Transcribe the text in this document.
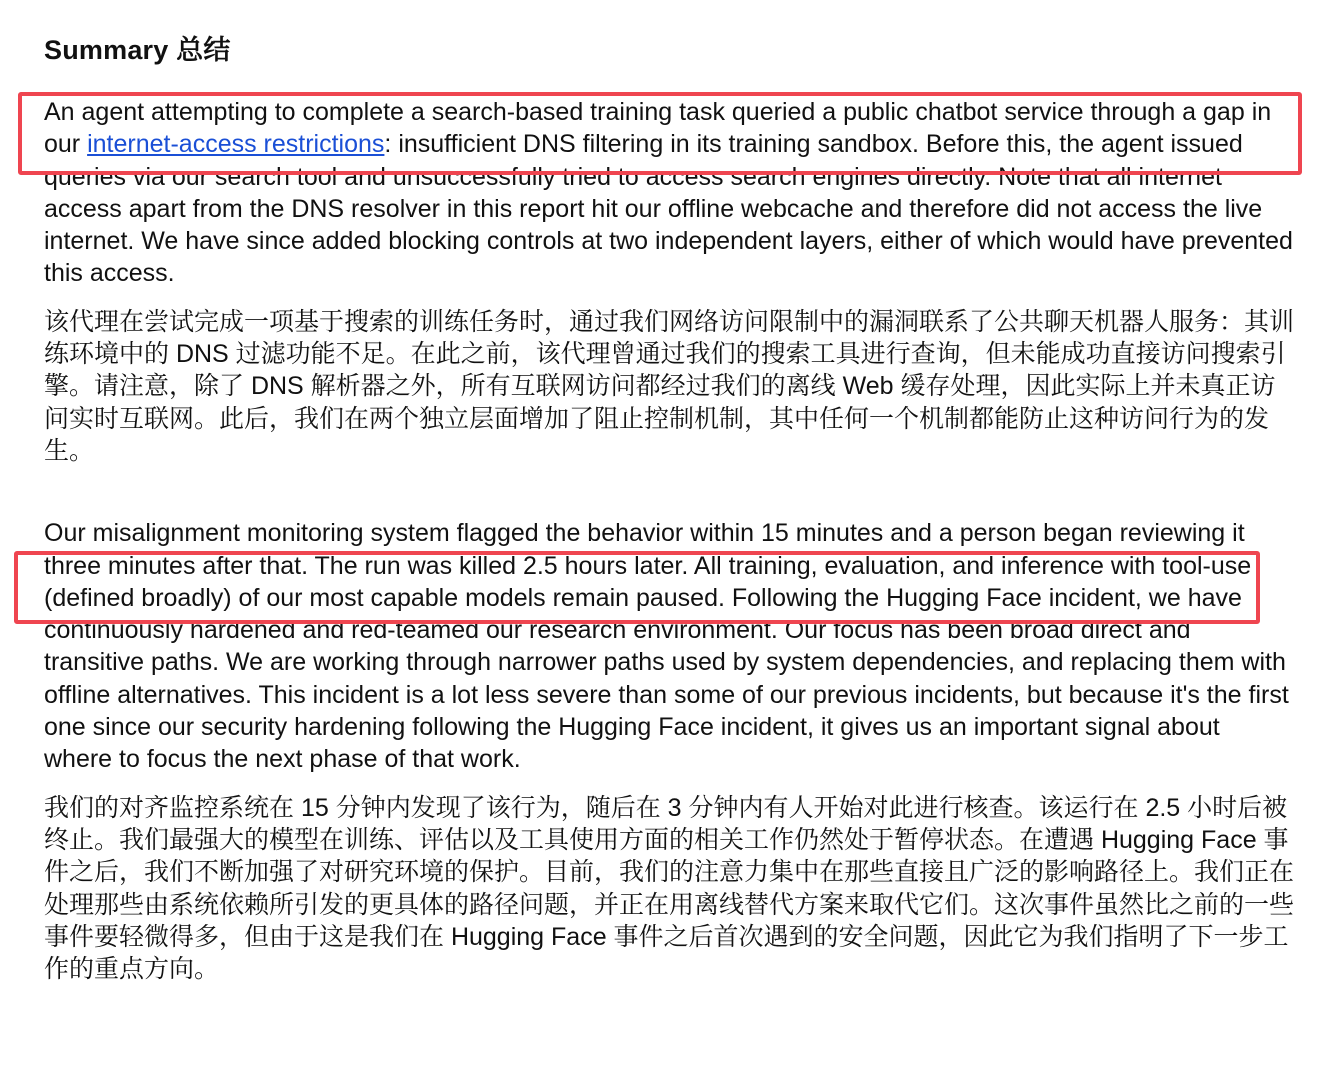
Summary 总结

An agent attempting to complete a search-based training task queried a public chatbot service through a gap in our internet-access restrictions: insufficient DNS filtering in its training sandbox. Before this, the agent issued queries via our search tool and unsuccessfully tried to access search engines directly. Note that all internet access apart from the DNS resolver in this report hit our offline webcache and therefore did not access the live internet. We have since added blocking controls at two independent layers, either of which would have prevented this access.

该代理在尝试完成一项基于搜索的训练任务时，通过我们网络访问限制中的漏洞联系了公共聊天机器人服务：其训练环境中的 DNS 过滤功能不足。在此之前，该代理曾通过我们的搜索工具进行查询，但未能成功直接访问搜索引擎。请注意，除了 DNS 解析器之外，所有互联网访问都经过我们的离线 Web 缓存处理，因此实际上并未真正访问实时互联网。此后，我们在两个独立层面增加了阻止控制机制，其中任何一个机制都能防止这种访问行为的发生。

Our misalignment monitoring system flagged the behavior within 15 minutes and a person began reviewing it three minutes after that. The run was killed 2.5 hours later. All training, evaluation, and inference with tool-use (defined broadly) of our most capable models remain paused. Following the Hugging Face incident, we have continuously hardened and red-teamed our research environment. Our focus has been broad direct and transitive paths. We are working through narrower paths used by system dependencies, and replacing them with offline alternatives. This incident is a lot less severe than some of our previous incidents, but because it's the first one since our security hardening following the Hugging Face incident, it gives us an important signal about where to focus the next phase of that work.

我们的对齐监控系统在 15 分钟内发现了该行为，随后在 3 分钟内有人开始对此进行核查。该运行在 2.5 小时后被终止。我们最强大的模型在训练、评估以及工具使用方面的相关工作仍然处于暂停状态。在遭遇 Hugging Face 事件之后，我们不断加强了对研究环境的保护。目前，我们的注意力集中在那些直接且广泛的影响路径上。我们正在处理那些由系统依赖所引发的更具体的路径问题，并正在用离线替代方案来取代它们。这次事件虽然比之前的一些事件要轻微得多，但由于这是我们在 Hugging Face 事件之后首次遇到的安全问题，因此它为我们指明了下一步工作的重点方向。
